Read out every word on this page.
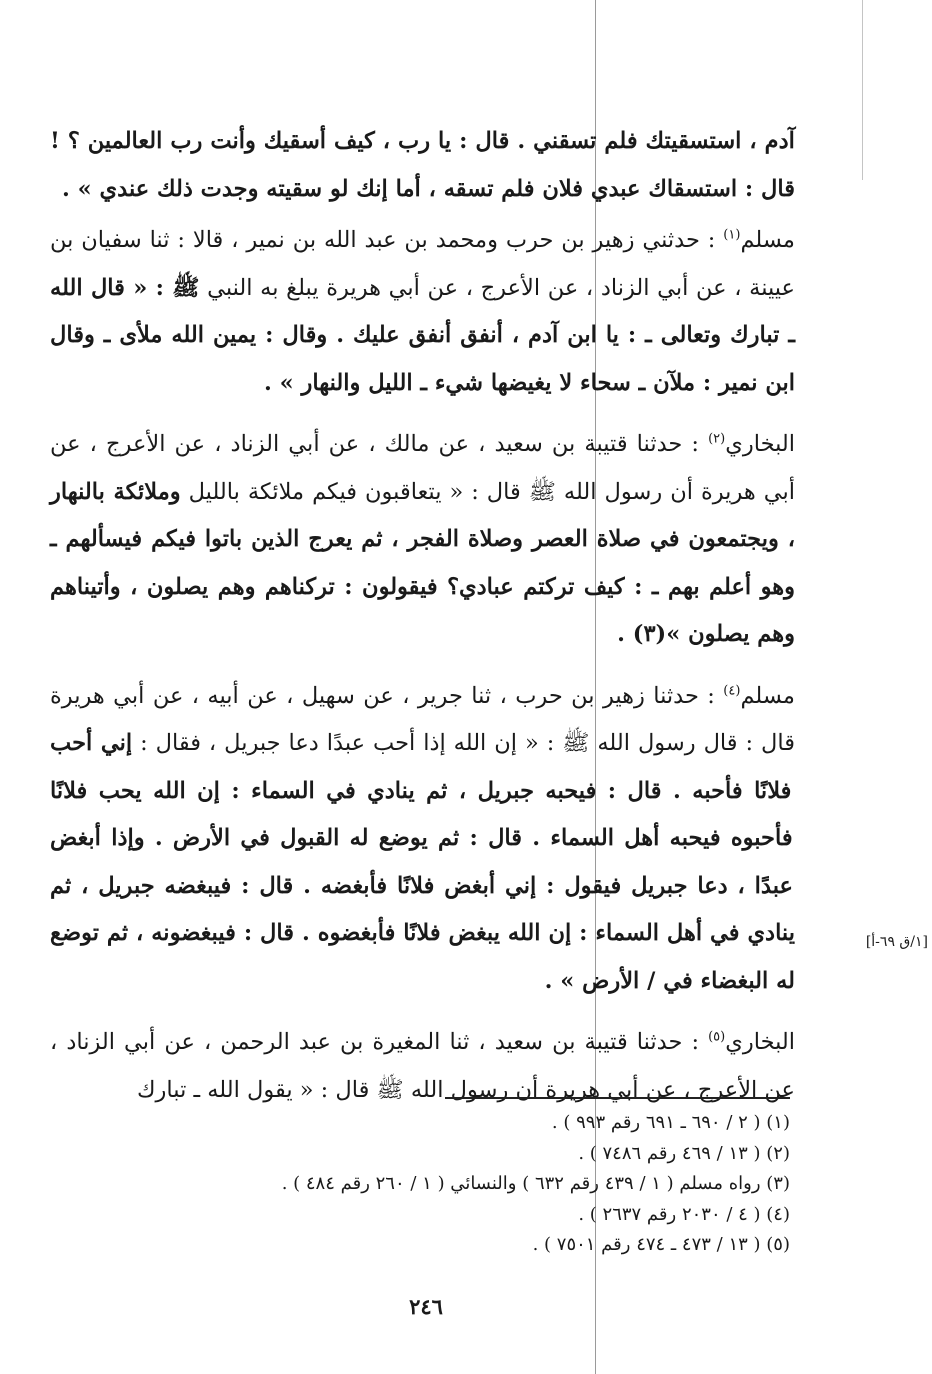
آدم ، استسقيتك فلم تسقني . قال : يا رب ، كيف أسقيك وأنت رب العالمين ؟ ! قال : استسقاك عبدي فلان فلم تسقه ، أما إنك لو سقيته وجدت ذلك عندي » .

مسلم$^{(١)}$ : حدثني زهير بن حرب ومحمد بن عبد الله بن نمير ، قالا : ثنا سفيان بن عيينة ، عن أبي الزناد ، عن الأعرج ، عن أبي هريرة يبلغ به النبي ﷺ : « قال الله ـ تبارك وتعالى ـ : يا ابن آدم ، أنفق أنفق عليك . وقال : يمين الله ملأى ـ وقال ابن نمير : ملآن ـ سحاء لا يغيضها شيء ـ الليل والنهار » .

البخاري$^{(٢)}$ : حدثنا قتيبة بن سعيد ، عن مالك ، عن أبي الزناد ، عن الأعرج ، عن أبي هريرة أن رسول الله ﷺ قال : « يتعاقبون فيكم ملائكة بالليل وملائكة بالنهار ، ويجتمعون في صلاة العصر وصلاة الفجر ، ثم يعرج الذين باتوا فيكم فيسألهم ـ وهو أعلم بهم ـ : كيف تركتم عبادي؟ فيقولون : تركناهم وهم يصلون ، وأتيناهم وهم يصلون »(٣) .

مسلم$^{(٤)}$ : حدثنا زهير بن حرب ، ثنا جرير ، عن سهيل ، عن أبيه ، عن أبي هريرة قال : قال رسول الله ﷺ : « إن الله إذا أحب عبدًا دعا جبريل ، فقال : إني أحب فلانًا فأحبه . قال : فيحبه جبريل ، ثم ينادي في السماء : إن الله يحب فلانًا فأحبوه فيحبه أهل السماء . قال : ثم يوضع له القبول في الأرض . وإذا أبغض عبدًا ، دعا جبريل فيقول : إني أبغض فلانًا فأبغضه . قال : فيبغضه جبريل ، ثم ينادي في أهل السماء : إن الله يبغض فلانًا فأبغضوه . قال : فيبغضونه ، ثم توضع له البغضاء في / الأرض » .

البخاري$^{(٥)}$ : حدثنا قتيبة بن سعيد ، ثنا المغيرة بن عبد الرحمن ، عن أبي الزناد ، عن الأعرج ، عن أبي هريرة أن رسول الله ﷺ قال : « يقول الله ـ تبارك

[١/ق ٦٩-أ]

(١) ( ٢ / ٦٩٠ ـ ٦٩١ رقم ٩٩٣ ) .

(٢) ( ١٣ / ٤٦٩ رقم ٧٤٨٦ ) .

(٣) رواه مسلم ( ١ / ٤٣٩ رقم ٦٣٢ ) والنسائي ( ١ / ٢٦٠ رقم ٤٨٤ ) .

(٤) ( ٤ / ٢٠٣٠ رقم ٢٦٣٧ ) .

(٥) ( ١٣ / ٤٧٣ ـ ٤٧٤ رقم ٧٥٠١ ) .

٢٤٦
